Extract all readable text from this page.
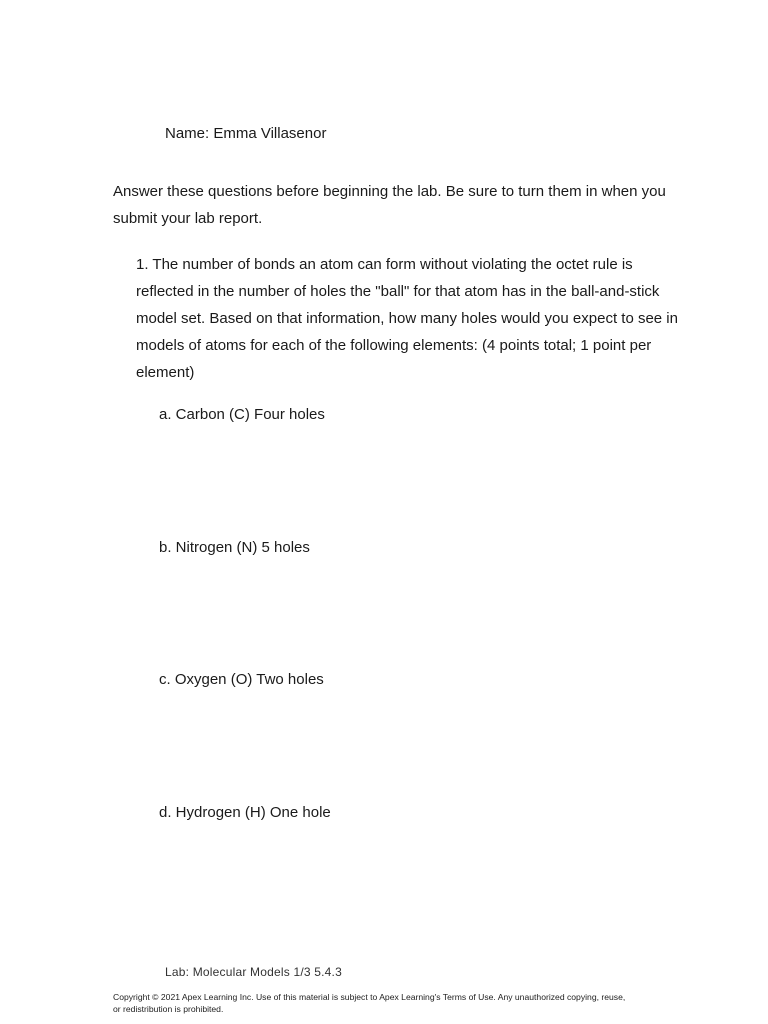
Name: Emma Villasenor
Answer these questions before beginning the lab. Be sure to turn them in when you submit your lab report.
1. The number of bonds an atom can form without violating the octet rule is reflected in the number of holes the "ball" for that atom has in the ball-and-stick model set. Based on that information, how many holes would you expect to see in models of atoms for each of the following elements: (4 points total; 1 point per element)
a. Carbon (C) Four holes
b. Nitrogen (N) 5 holes
c. Oxygen (O) Two holes
d. Hydrogen (H) One hole
Lab: Molecular Models 1/3 5.4.3
Copyright © 2021 Apex Learning Inc. Use of this material is subject to Apex Learning's Terms of Use. Any unauthorized copying, reuse, or redistribution is prohibited.
